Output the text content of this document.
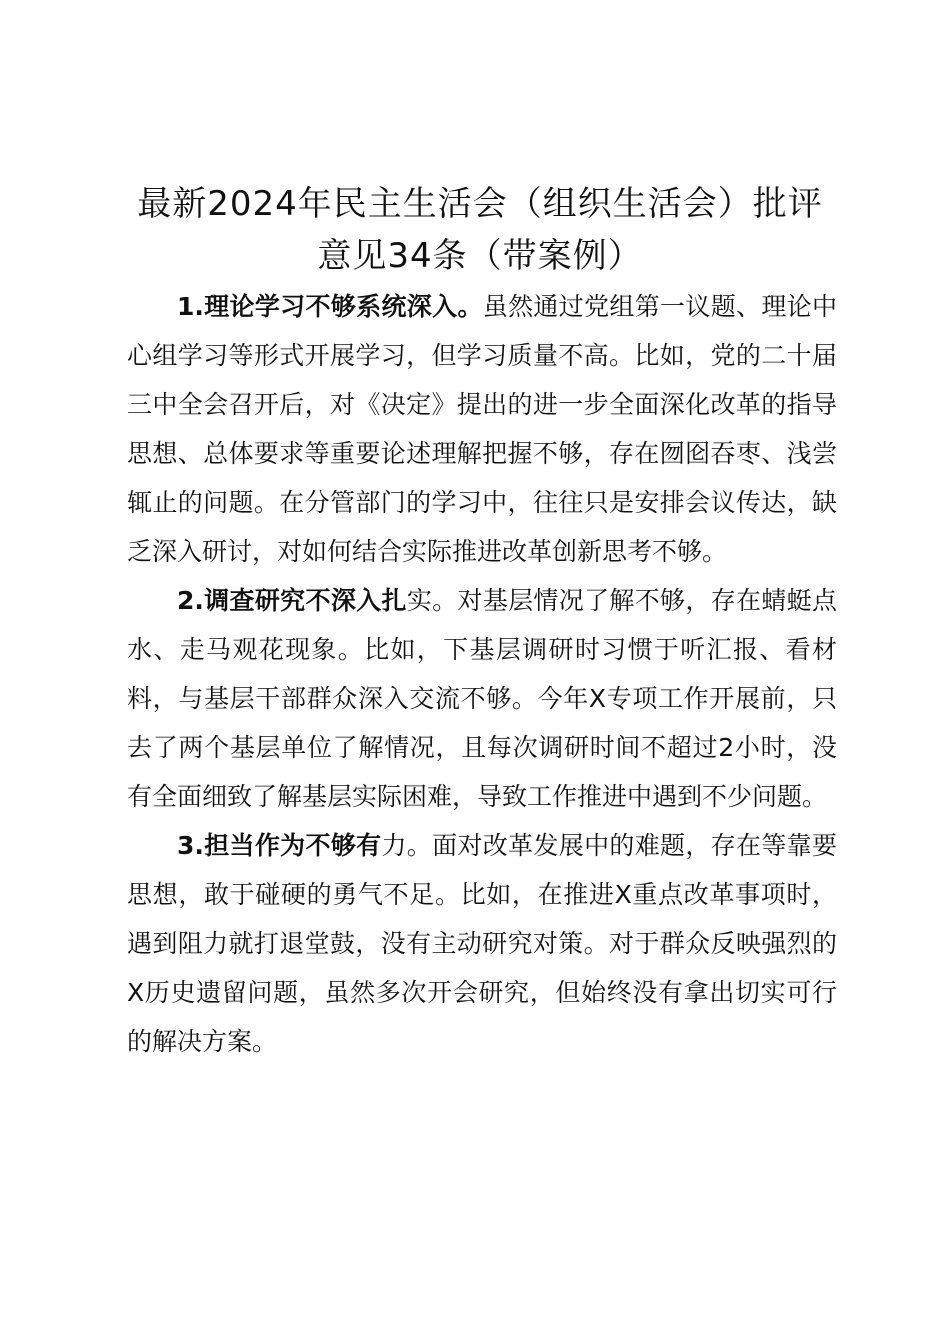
最新2024年民主生活会（组织生活会）批评
意见34条（带案例）

1.理论学习不够系统深入。虽然通过党组第一议题、理论中心组学习等形式开展学习，但学习质量不高。比如，党的二十届三中全会召开后，对《决定》提出的进一步全面深化改革的指导思想、总体要求等重要论述理解把握不够，存在囫囵吞枣、浅尝辄止的问题。在分管部门的学习中，往往只是安排会议传达，缺乏深入研讨，对如何结合实际推进改革创新思考不够。

2.调查研究不深入扎实。对基层情况了解不够，存在蜻蜓点水、走马观花现象。比如，下基层调研时习惯于听汇报、看材料，与基层干部群众深入交流不够。今年X专项工作开展前，只去了两个基层单位了解情况，且每次调研时间不超过2小时，没有全面细致了解基层实际困难，导致工作推进中遇到不少问题。

3.担当作为不够有力。面对改革发展中的难题，存在等靠要思想，敢于碰硬的勇气不足。比如，在推进X重点改革事项时，遇到阻力就打退堂鼓，没有主动研究对策。对于群众反映强烈的X历史遗留问题，虽然多次开会研究，但始终没有拿出切实可行的解决方案。
